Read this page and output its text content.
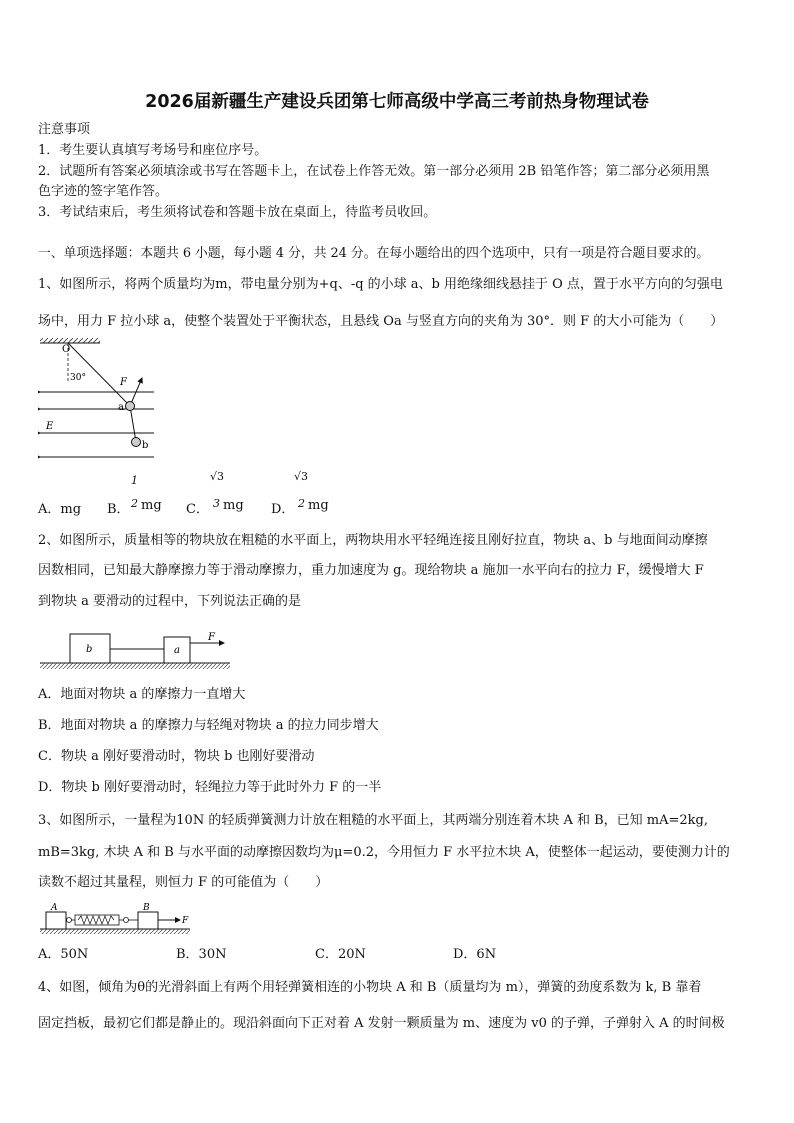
2026届新疆生产建设兵团第七师高级中学高三考前热身物理试卷
注意事项
1．考生要认真填写考场号和座位序号。
2．试题所有答案必须填涂或书写在答题卡上，在试卷上作答无效。第一部分必须用 2B 铅笔作答；第二部分必须用黑
色字迹的签字笔作答。
3．考试结束后，考生须将试卷和答题卡放在桌面上，待监考员收回。
一、单项选择题：本题共 6 小题，每小题 4 分，共 24 分。在每小题给出的四个选项中，只有一项是符合题目要求的。
1、如图所示，将两个质量均为m，带电量分别为+q、-q 的小球 a、b 用绝缘细线悬挂于 O 点，置于水平方向的匀强电
场中，用力 F 拉小球 a，使整个装置处于平衡状态，且悬线 Oa 与竖直方向的夹角为 30°．则 F 的大小可能为（　　）
O
30°	F
a
E
b
A．mg B．
1
2 mg C．
√3
3 mg D．
√3
2 mg
2、如图所示，质量相等的物块放在粗糙的水平面上，两物块用水平轻绳连接且刚好拉直，物块 a、b 与地面间动摩擦
因数相同，已知最大静摩擦力等于滑动摩擦力，重力加速度为 g。现给物块 a 施加一水平向右的拉力 F，缓慢增大 F
到物块 a 要滑动的过程中，下列说法正确的是
b	a
F
A．地面对物块 a 的摩擦力一直增大
B．地面对物块 a 的摩擦力与轻绳对物块 a 的拉力同步增大
C．物块 a 刚好要滑动时，物块 b 也刚好要滑动
D．物块 b 刚好要滑动时，轻绳拉力等于此时外力 F 的一半
3、如图所示，一量程为10N 的轻质弹簧测力计放在粗糙的水平面上，其两端分别连着木块 A 和 B，已知 mA=2kg,
mB=3kg, 木块 A 和 B 与水平面的动摩擦因数均为μ=0.2，今用恒力 F 水平拉木块 A，使整体一起运动，要使测力计的
读数不超过其量程，则恒力 F 的可能值为（　　）
A	B
F
A．50N	B．30N	C．20N	D．6N
4、如图，倾角为θ的光滑斜面上有两个用轻弹簧相连的小物块 A 和 B（质量均为 m），弹簧的劲度系数为 k, B 靠着
固定挡板，最初它们都是静止的。现沿斜面向下正对着 A 发射一颗质量为 m、速度为 v0 的子弹，子弹射入 A 的时间极
